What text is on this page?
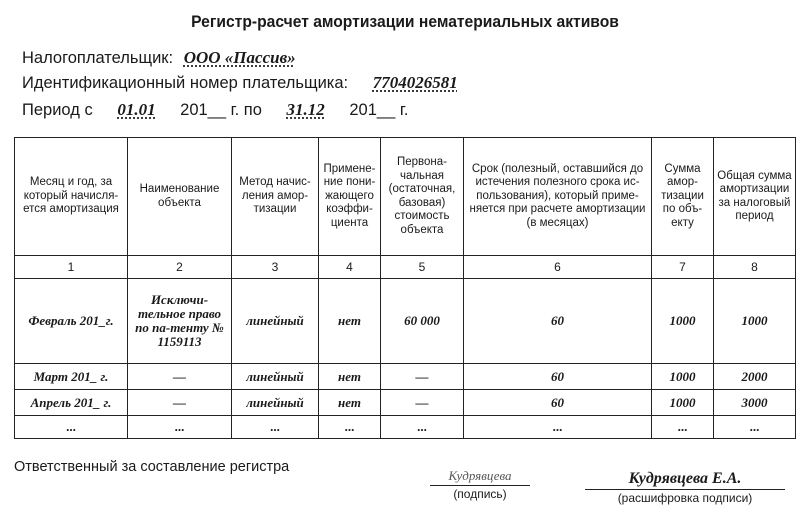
Регистр-расчет амортизации нематериальных активов
Налогоплательщик: ООО «Пассив»
Идентификационный номер плательщика: 7704026581
Период с 01.01 201__ г. по 31.12 201__ г.
Месяц и год, за который начисля-ется амортизация	Наименование объекта	Метод начис-ления амор-тизации	Примене-ние пони-жающего коэффи-циента	Первона-чальная (остаточная, базовая) стоимость объекта	Срок (полезный, оставшийся до истечения полезного срока ис-пользования), который приме-няется при расчете амортизации (в месяцах)	Сумма амор-тизации по объ-екту	Общая сумма амортизации за налоговый период
1	2	3	4	5	6	7	8
Февраль 201_г.	Исключи-тельное право по па-тенту № 1159113	линейный	нет	60 000	60	1000	1000
Март 201_ г.	—	линейный	нет	—	60	1000	2000
Апрель 201_ г.	—	линейный	нет	—	60	1000	3000
...	...	...	...	...	...	...	...
Ответственный за составление регистра
Кудрявцева
(подпись)
Кудрявцева Е.А.
(расшифровка подписи)
